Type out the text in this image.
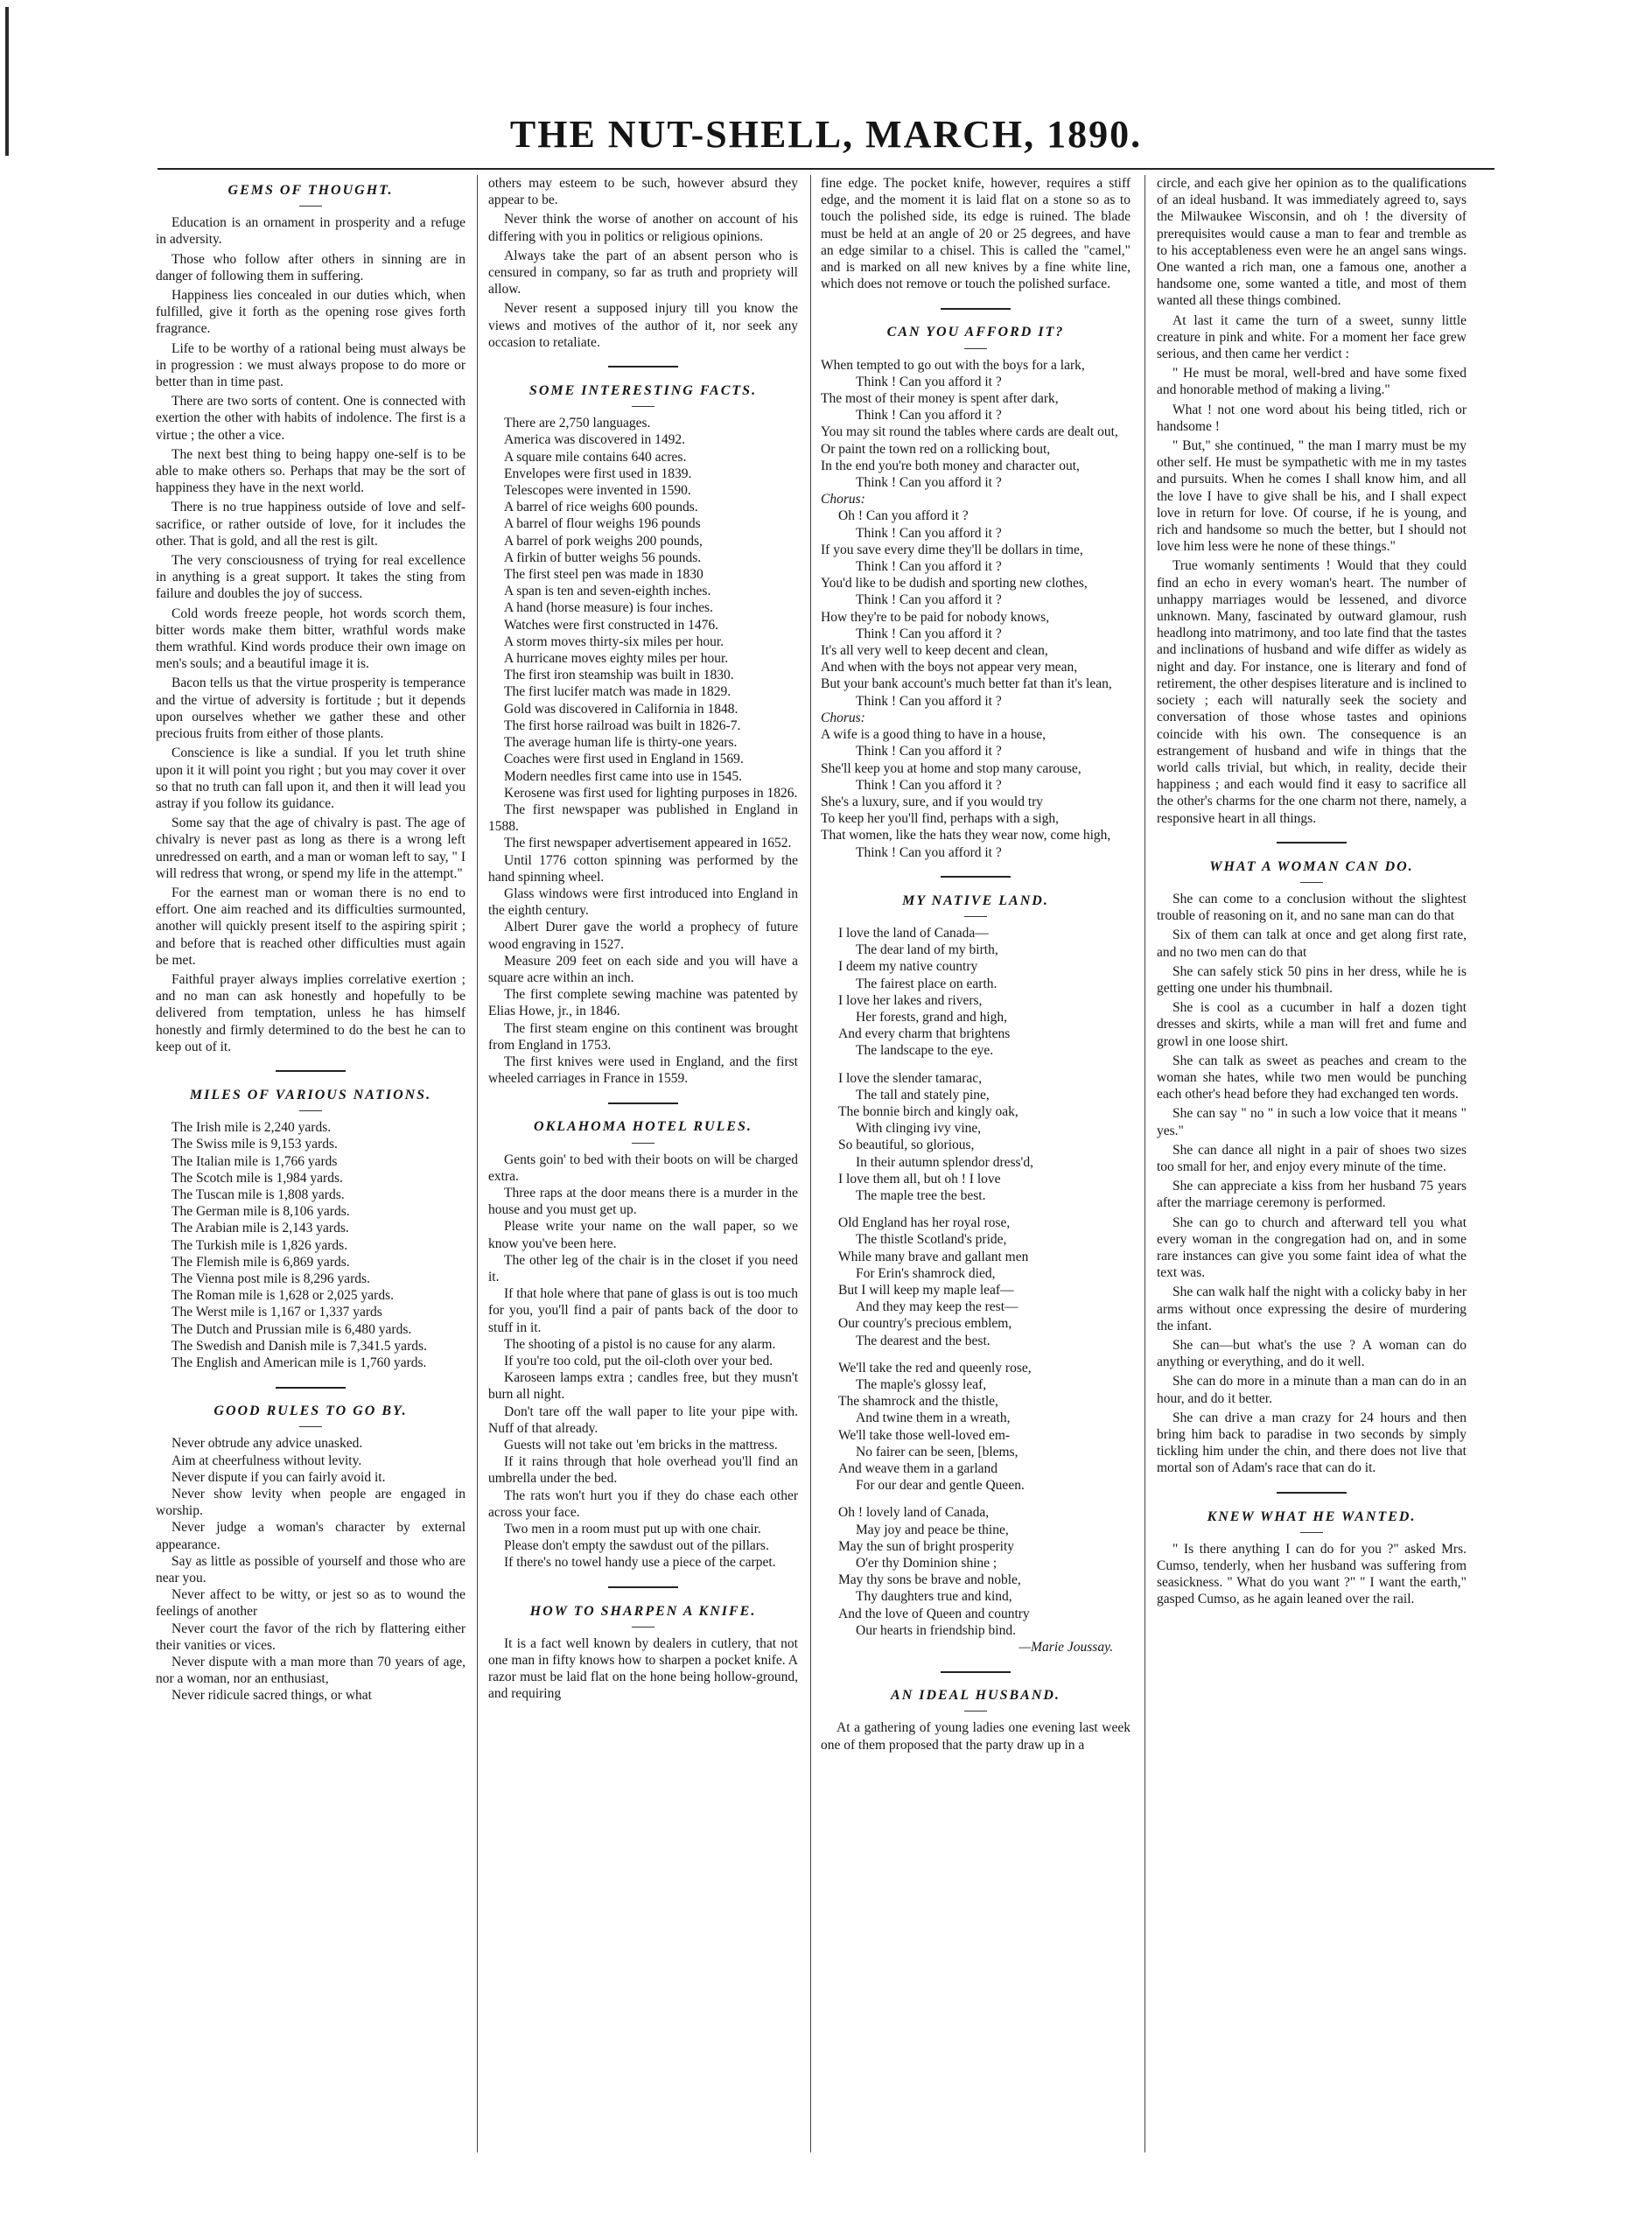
THE NUT-SHELL, MARCH, 1890.
GEMS OF THOUGHT.

Education is an ornament in prosperity and a refuge in adversity.

Those who follow after others in sinning are in danger of following them in suffering.

Happiness lies concealed in our duties which, when fulfilled, give it forth as the opening rose gives forth fragrance.

Life to be worthy of a rational being must always be in progression : we must always propose to do more or better than in time past.

There are two sorts of content. One is connected with exertion the other with habits of indolence. The first is a virtue ; the other a vice.

The next best thing to being happy one-self is to be able to make others so. Perhaps that may be the sort of happiness they have in the next world.

There is no true happiness outside of love and self-sacrifice, or rather outside of love, for it includes the other. That is gold, and all the rest is gilt.

The very consciousness of trying for real excellence in anything is a great support. It takes the sting from failure and doubles the joy of success.

Cold words freeze people, hot words scorch them, bitter words make them bitter, wrathful words make them wrathful. Kind words produce their own image on men's souls; and a beautiful image it is.

Bacon tells us that the virtue prosperity is temperance and the virtue of adversity is fortitude ; but it depends upon ourselves whether we gather these and other precious fruits from either of those plants.

Conscience is like a sundial. If you let truth shine upon it it will point you right ; but you may cover it over so that no truth can fall upon it, and then it will lead you astray if you follow its guidance.

Some say that the age of chivalry is past. The age of chivalry is never past as long as there is a wrong left unredressed on earth, and a man or woman left to say, " I will redress that wrong, or spend my life in the attempt."

For the earnest man or woman there is no end to effort. One aim reached and its difficulties surmounted, another will quickly present itself to the aspiring spirit ; and before that is reached other difficulties must again be met.

Faithful prayer always implies correlative exertion ; and no man can ask honestly and hopefully to be delivered from temptation, unless he has himself honestly and firmly determined to do the best he can to keep out of it.

MILES OF VARIOUS NATIONS.

The Irish mile is 2,240 yards.

The Swiss mile is 9,153 yards.

The Italian mile is 1,766 yards

The Scotch mile is 1,984 yards.

The Tuscan mile is 1,808 yards.

The German mile is 8,106 yards.

The Arabian mile is 2,143 yards.

The Turkish mile is 1,826 yards.

The Flemish mile is 6,869 yards.

The Vienna post mile is 8,296 yards.

The Roman mile is 1,628 or 2,025 yards.

The Werst mile is 1,167 or 1,337 yards

The Dutch and Prussian mile is 6,480 yards.

The Swedish and Danish mile is 7,341.5 yards.

The English and American mile is 1,760 yards.

GOOD RULES TO GO BY.

Never obtrude any advice unasked.

Aim at cheerfulness without levity.

Never dispute if you can fairly avoid it.

Never show levity when people are engaged in worship.

Never judge a woman's character by external appearance.

Say as little as possible of yourself and those who are near you.

Never affect to be witty, or jest so as to wound the feelings of another

Never court the favor of the rich by flattering either their vanities or vices.

Never dispute with a man more than 70 years of age, nor a woman, nor an enthusiast,

Never ridicule sacred things, or what

others may esteem to be such, however absurd they appear to be.

Never think the worse of another on account of his differing with you in politics or religious opinions.

Always take the part of an absent person who is censured in company, so far as truth and propriety will allow.

Never resent a supposed injury till you know the views and motives of the author of it, nor seek any occasion to retaliate.

SOME INTERESTING FACTS.

There are 2,750 languages.

America was discovered in 1492.

A square mile contains 640 acres.

Envelopes were first used in 1839.

Telescopes were invented in 1590.

A barrel of rice weighs 600 pounds.

A barrel of flour weighs 196 pounds

A barrel of pork weighs 200 pounds,

A firkin of butter weighs 56 pounds.

The first steel pen was made in 1830

A span is ten and seven-eighth inches.

A hand (horse measure) is four inches.

Watches were first constructed in 1476.

A storm moves thirty-six miles per hour.

A hurricane moves eighty miles per hour.

The first iron steamship was built in 1830.

The first lucifer match was made in 1829.

Gold was discovered in California in 1848.

The first horse railroad was built in 1826-7.

The average human life is thirty-one years.

Coaches were first used in England in 1569.

Modern needles first came into use in 1545.

Kerosene was first used for lighting purposes in 1826.

The first newspaper was published in England in 1588.

The first newspaper advertisement appeared in 1652.

Until 1776 cotton spinning was performed by the hand spinning wheel.

Glass windows were first introduced into England in the eighth century.

Albert Durer gave the world a prophecy of future wood engraving in 1527.

Measure 209 feet on each side and you will have a square acre within an inch.

The first complete sewing machine was patented by Elias Howe, jr., in 1846.

The first steam engine on this continent was brought from England in 1753.

The first knives were used in England, and the first wheeled carriages in France in 1559.

OKLAHOMA HOTEL RULES.

Gents goin' to bed with their boots on will be charged extra.

Three raps at the door means there is a murder in the house and you must get up.

Please write your name on the wall paper, so we know you've been here.

The other leg of the chair is in the closet if you need it.

If that hole where that pane of glass is out is too much for you, you'll find a pair of pants back of the door to stuff in it.

The shooting of a pistol is no cause for any alarm.

If you're too cold, put the oil-cloth over your bed.

Karoseen lamps extra ; candles free, but they musn't burn all night.

Don't tare off the wall paper to lite your pipe with. Nuff of that already.

Guests will not take out 'em bricks in the mattress.

If it rains through that hole overhead you'll find an umbrella under the bed.

The rats won't hurt you if they do chase each other across your face.

Two men in a room must put up with one chair.

Please don't empty the sawdust out of the pillars.

If there's no towel handy use a piece of the carpet.

HOW TO SHARPEN A KNIFE.

It is a fact well known by dealers in cutlery, that not one man in fifty knows how to sharpen a pocket knife. A razor must be laid flat on the hone being hollow-ground, and requiring

fine edge. The pocket knife, however, requires a stiff edge, and the moment it is laid flat on a stone so as to touch the polished side, its edge is ruined. The blade must be held at an angle of 20 or 25 degrees, and have an edge similar to a chisel. This is called the "camel," and is marked on all new knives by a fine white line, which does not remove or touch the polished surface.

CAN YOU AFFORD IT?

When tempted to go out with the boys for a lark,

Think ! Can you afford it ?

The most of their money is spent after dark,

Think ! Can you afford it ?

You may sit round the tables where cards are dealt out,

Or paint the town red on a rollicking bout,

In the end you're both money and character out,

Think ! Can you afford it ?

Chorus:

Oh ! Can you afford it ?

Think ! Can you afford it ?

If you save every dime they'll be dollars in time,

Think ! Can you afford it ?

You'd like to be dudish and sporting new clothes,

Think ! Can you afford it ?

How they're to be paid for nobody knows,

Think ! Can you afford it ?

It's all very well to keep decent and clean,

And when with the boys not appear very mean,

But your bank account's much better fat than it's lean,

Think ! Can you afford it ?

Chorus:

A wife is a good thing to have in a house,

Think ! Can you afford it ?

She'll keep you at home and stop many carouse,

Think ! Can you afford it ?

She's a luxury, sure, and if you would try

To keep her you'll find, perhaps with a sigh,

That women, like the hats they wear now, come high,

Think ! Can you afford it ?

MY NATIVE LAND.

I love the land of Canada—

The dear land of my birth,

I deem my native country

The fairest place on earth.

I love her lakes and rivers,

Her forests, grand and high,

And every charm that brightens

The landscape to the eye.

I love the slender tamarac,

The tall and stately pine,

The bonnie birch and kingly oak,

With clinging ivy vine,

So beautiful, so glorious,

In their autumn splendor dress'd,

I love them all, but oh ! I love

The maple tree the best.

Old England has her royal rose,

The thistle Scotland's pride,

While many brave and gallant men

For Erin's shamrock died,

But I will keep my maple leaf—

And they may keep the rest—

Our country's precious emblem,

The dearest and the best.

We'll take the red and queenly rose,

The maple's glossy leaf,

The shamrock and the thistle,

And twine them in a wreath,

We'll take those well-loved em-

No fairer can be seen, [blems,

And weave them in a garland

For our dear and gentle Queen.

Oh ! lovely land of Canada,

May joy and peace be thine,

May the sun of bright prosperity

O'er thy Dominion shine ;

May thy sons be brave and noble,

Thy daughters true and kind,

And the love of Queen and country

Our hearts in friendship bind.

—Marie Joussay.
AN IDEAL HUSBAND.

At a gathering of young ladies one evening last week one of them proposed that the party draw up in a

circle, and each give her opinion as to the qualifications of an ideal husband. It was immediately agreed to, says the Milwaukee Wisconsin, and oh ! the diversity of prerequisites would cause a man to fear and tremble as to his acceptableness even were he an angel sans wings. One wanted a rich man, one a famous one, another a handsome one, some wanted a title, and most of them wanted all these things combined.

At last it came the turn of a sweet, sunny little creature in pink and white. For a moment her face grew serious, and then came her verdict :

" He must be moral, well-bred and have some fixed and honorable method of making a living."

What ! not one word about his being titled, rich or handsome !

" But," she continued, " the man I marry must be my other self. He must be sympathetic with me in my tastes and pursuits. When he comes I shall know him, and all the love I have to give shall be his, and I shall expect love in return for love. Of course, if he is young, and rich and handsome so much the better, but I should not love him less were he none of these things."

True womanly sentiments ! Would that they could find an echo in every woman's heart. The number of unhappy marriages would be lessened, and divorce unknown. Many, fascinated by outward glamour, rush headlong into matrimony, and too late find that the tastes and inclinations of husband and wife differ as widely as night and day. For instance, one is literary and fond of retirement, the other despises literature and is inclined to society ; each will naturally seek the society and conversation of those whose tastes and opinions coincide with his own. The consequence is an estrangement of husband and wife in things that the world calls trivial, but which, in reality, decide their happiness ; and each would find it easy to sacrifice all the other's charms for the one charm not there, namely, a responsive heart in all things.

WHAT A WOMAN CAN DO.

She can come to a conclusion without the slightest trouble of reasoning on it, and no sane man can do that

Six of them can talk at once and get along first rate, and no two men can do that

She can safely stick 50 pins in her dress, while he is getting one under his thumbnail.

She is cool as a cucumber in half a dozen tight dresses and skirts, while a man will fret and fume and growl in one loose shirt.

She can talk as sweet as peaches and cream to the woman she hates, while two men would be punching each other's head before they had exchanged ten words.

She can say " no " in such a low voice that it means " yes."

She can dance all night in a pair of shoes two sizes too small for her, and enjoy every minute of the time.

She can appreciate a kiss from her husband 75 years after the marriage ceremony is performed.

She can go to church and afterward tell you what every woman in the congregation had on, and in some rare instances can give you some faint idea of what the text was.

She can walk half the night with a colicky baby in her arms without once expressing the desire of murdering the infant.

She can—but what's the use ? A woman can do anything or everything, and do it well.

She can do more in a minute than a man can do in an hour, and do it better.

She can drive a man crazy for 24 hours and then bring him back to paradise in two seconds by simply tickling him under the chin, and there does not live that mortal son of Adam's race that can do it.

KNEW WHAT HE WANTED.

" Is there anything I can do for you ?" asked Mrs. Cumso, tenderly, when her husband was suffering from seasickness. " What do you want ?" " I want the earth," gasped Cumso, as he again leaned over the rail.
